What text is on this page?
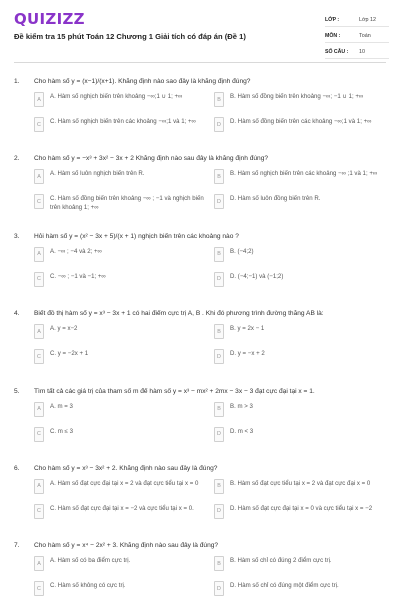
QUIZIZZ
Đề kiểm tra 15 phút Toán 12 Chương 1 Giải tích có đáp án (Đề 1)
LỚP :	Lớp 12
MÔN :	Toán
SỐ CÂU :	10
1.	Cho hàm số y = (x−1)/(x+1). Khẳng định nào sao đây là khẳng định đúng?
A	A. Hàm số nghịch biến trên khoảng −∞;1 ∪ 1; +∞	B	B. Hàm số đồng biến trên khoảng −∞; −1 ∪ 1; +∞
C	C. Hàm số nghịch biến trên các khoảng −∞;1 và 1; +∞	D	D. Hàm số đồng biến trên các khoảng −∞;1 và 1; +∞
2.	Cho hàm số y = −x³ + 3x² − 3x + 2 Khẳng định nào sau đây là khẳng định đúng?
A	A. Hàm số luôn nghịch biến trên R.	B	B. Hàm số nghịch biến trên các khoảng −∞ ;1 và 1; +∞
C	C. Hàm số đồng biến trên khoảng −∞ ; −1 và nghịch biến trên khoảng 1; +∞
D	D. Hàm số luôn đồng biến trên R.
3.	Hỏi hàm số y = (x² − 3x + 5)/(x + 1) nghịch biến trên các khoảng nào ?
A	A. −∞ ; −4 và 2; +∞	B	B. (−4;2)
C	C. −∞ ; −1 và −1; +∞	D	D. (−4;−1) và (−1;2)
4.	Biết đồ thị hàm số y = x³ − 3x + 1 có hai điểm cực trị A, B . Khi đó phương trình đường thẳng AB là:
A	A. y = x−2	B	B. y = 2x − 1
C	C. y = −2x + 1	D	D. y = −x + 2
5.	Tìm tất cả các giá trị của tham số m để hàm số y = x³ − mx² + 2mx − 3x − 3 đạt cực đại tại x = 1.
A	A. m = 3	B	B. m > 3
C	C. m ≤ 3	D	D. m < 3
6.	Cho hàm số y = x³ − 3x² + 2. Khẳng định nào sau đây là đúng?
A	A. Hàm số đạt cực đại tại x = 2 và đạt cực tiểu tại x = 0	B	B. Hàm số đạt cực tiểu tại x = 2 và đạt cực đại x = 0
C	C. Hàm số đạt cực đại tại x = −2 và cực tiểu tại x = 0.	D	D. Hàm số đạt cực đại tại x = 0 và cực tiểu tại x = −2
7.	Cho hàm số y = x⁴ − 2x² + 3. Khẳng định nào sau đây là đúng?
A	A. Hàm số có ba điểm cực trị.	B	B. Hàm số chỉ có đúng 2 điểm cực trị.
C	C. Hàm số không có cực trị.	D	D. Hàm số chỉ có đúng một điểm cực trị.
